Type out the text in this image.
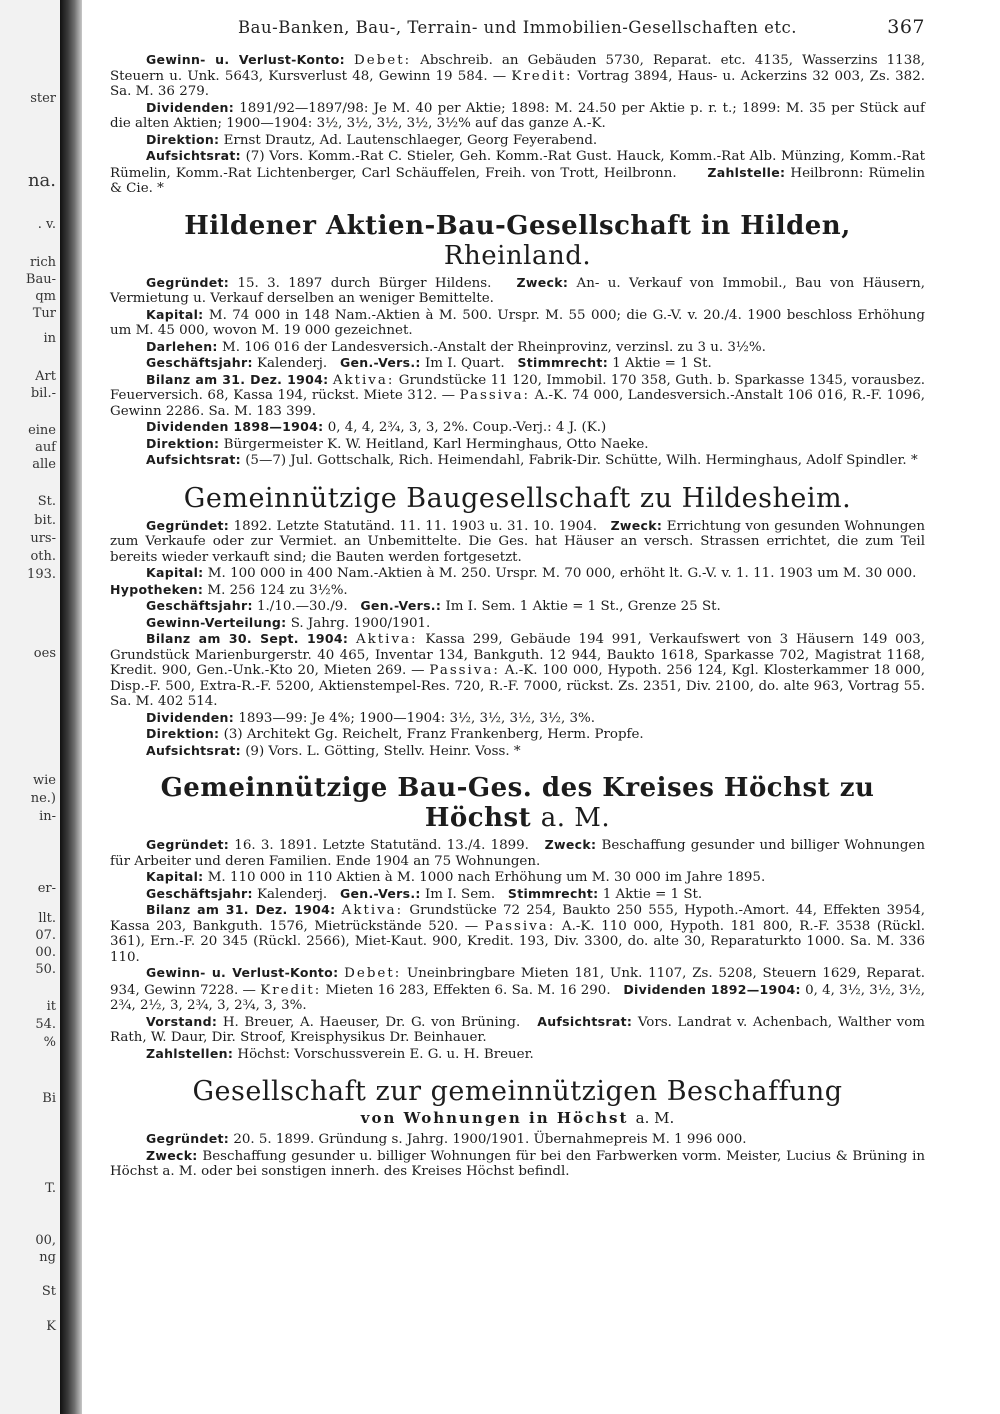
ster
na.
. v.
rich
Bau-
qm
Tur
in
Art
bil.-
eine
auf
alle
St.
bit.
urs-
oth.
193.
oes
wie
ne.)
in-
er-
llt.
07.
00.
50.
it
54.
%
Bi
T.
00,
ng
St
K
Bau-Banken, Bau-, Terrain- und Immobilien-Gesellschaften etc.	367

Gewinn- u. Verlust-Konto: Debet: Abschreib. an Gebäuden 5730, Reparat. etc. 4135, Wasserzins 1138, Steuern u. Unk. 5643, Kursverlust 48, Gewinn 19 584. — Kredit: Vortrag 3894, Haus- u. Ackerzins 32 003, Zs. 382. Sa. M. 36 279.

Dividenden: 1891/92—1897/98: Je M. 40 per Aktie; 1898: M. 24.50 per Aktie p. r. t.; 1899: M. 35 per Stück auf die alten Aktien; 1900—1904: 3½, 3½, 3½, 3½, 3½% auf das ganze A.-K.

Direktion: Ernst Drautz, Ad. Lautenschlaeger, Georg Feyerabend.

Aufsichtsrat: (7) Vors. Komm.-Rat C. Stieler, Geh. Komm.-Rat Gust. Hauck, Komm.-Rat Alb. Münzing, Komm.-Rat Rümelin, Komm.-Rat Lichtenberger, Carl Schäuffelen, Freih. von Trott, Heilbronn. Zahlstelle: Heilbronn: Rümelin & Cie. *

Hildener Aktien-Bau-Gesellschaft in Hilden, Rheinland.

Gegründet: 15. 3. 1897 durch Bürger Hildens. Zweck: An- u. Verkauf von Immobil., Bau von Häusern, Vermietung u. Verkauf derselben an weniger Bemittelte.

Kapital: M. 74 000 in 148 Nam.-Aktien à M. 500. Urspr. M. 55 000; die G.-V. v. 20./4. 1900 beschloss Erhöhung um M. 45 000, wovon M. 19 000 gezeichnet.

Darlehen: M. 106 016 der Landesversich.-Anstalt der Rheinprovinz, verzinsl. zu 3 u. 3½%.

Geschäftsjahr: Kalenderj. Gen.-Vers.: Im I. Quart. Stimmrecht: 1 Aktie = 1 St.

Bilanz am 31. Dez. 1904: Aktiva: Grundstücke 11 120, Immobil. 170 358, Guth. b. Sparkasse 1345, vorausbez. Feuerversich. 68, Kassa 194, rückst. Miete 312. — Passiva: A.-K. 74 000, Landesversich.-Anstalt 106 016, R.-F. 1096, Gewinn 2286. Sa. M. 183 399.

Dividenden 1898—1904: 0, 4, 4, 2¾, 3, 3, 2%. Coup.-Verj.: 4 J. (K.)

Direktion: Bürgermeister K. W. Heitland, Karl Herminghaus, Otto Naeke.

Aufsichtsrat: (5—7) Jul. Gottschalk, Rich. Heimendahl, Fabrik-Dir. Schütte, Wilh. Herminghaus, Adolf Spindler. *

Gemeinnützige Baugesellschaft zu Hildesheim.

Gegründet: 1892. Letzte Statutänd. 11. 11. 1903 u. 31. 10. 1904. Zweck: Errichtung von gesunden Wohnungen zum Verkaufe oder zur Vermiet. an Unbemittelte. Die Ges. hat Häuser an versch. Strassen errichtet, die zum Teil bereits wieder verkauft sind; die Bauten werden fortgesetzt.

Kapital: M. 100 000 in 400 Nam.-Aktien à M. 250. Urspr. M. 70 000, erhöht lt. G.-V. v. 1. 11. 1903 um M. 30 000.   Hypotheken: M. 256 124 zu 3½%.

Geschäftsjahr: 1./10.—30./9. Gen.-Vers.: Im I. Sem. 1 Aktie = 1 St., Grenze 25 St.

Gewinn-Verteilung: S. Jahrg. 1900/1901.

Bilanz am 30. Sept. 1904: Aktiva: Kassa 299, Gebäude 194 991, Verkaufswert von 3 Häusern 149 003, Grundstück Marienburgerstr. 40 465, Inventar 134, Bankguth. 12 944, Baukto 1618, Sparkasse 702, Magistrat 1168, Kredit. 900, Gen.-Unk.-Kto 20, Mieten 269. — Passiva: A.-K. 100 000, Hypoth. 256 124, Kgl. Klosterkammer 18 000, Disp.-F. 500, Extra-R.-F. 5200, Aktienstempel-Res. 720, R.-F. 7000, rückst. Zs. 2351, Div. 2100, do. alte 963, Vortrag 55. Sa. M. 402 514.

Dividenden: 1893—99: Je 4%; 1900—1904: 3½, 3½, 3½, 3½, 3%.

Direktion: (3) Architekt Gg. Reichelt, Franz Frankenberg, Herm. Propfe.

Aufsichtsrat: (9) Vors. L. Götting, Stellv. Heinr. Voss. *

Gemeinnützige Bau-Ges. des Kreises Höchst zu Höchst a. M.

Gegründet: 16. 3. 1891. Letzte Statutänd. 13./4. 1899. Zweck: Beschaffung gesunder und billiger Wohnungen für Arbeiter und deren Familien. Ende 1904 an 75 Wohnungen.

Kapital: M. 110 000 in 110 Aktien à M. 1000 nach Erhöhung um M. 30 000 im Jahre 1895.

Geschäftsjahr: Kalenderj. Gen.-Vers.: Im I. Sem. Stimmrecht: 1 Aktie = 1 St.

Bilanz am 31. Dez. 1904: Aktiva: Grundstücke 72 254, Baukto 250 555, Hypoth.-Amort. 44, Effekten 3954, Kassa 203, Bankguth. 1576, Mietrückstände 520. — Passiva: A.-K. 110 000, Hypoth. 181 800, R.-F. 3538 (Rückl. 361), Ern.-F. 20 345 (Rückl. 2566), Miet-Kaut. 900, Kredit. 193, Div. 3300, do. alte 30, Reparaturkto 1000. Sa. M. 336 110.

Gewinn- u. Verlust-Konto: Debet: Uneinbringbare Mieten 181, Unk. 1107, Zs. 5208, Steuern 1629, Reparat. 934, Gewinn 7228. — Kredit: Mieten 16 283, Effekten 6. Sa. M. 16 290. Dividenden 1892—1904: 0, 4, 3½, 3½, 3½, 2¾, 2½, 3, 2¾, 3, 2¾, 3, 3%.

Vorstand: H. Breuer, A. Haeuser, Dr. G. von Brüning. Aufsichtsrat: Vors. Landrat v. Achenbach, Walther vom Rath, W. Daur, Dir. Stroof, Kreisphysikus Dr. Beinhauer.

Zahlstellen: Höchst: Vorschussverein E. G. u. H. Breuer.

Gesellschaft zur gemeinnützigen Beschaffung
von Wohnungen in Höchst a. M.

Gegründet: 20. 5. 1899. Gründung s. Jahrg. 1900/1901. Übernahmepreis M. 1 996 000.

Zweck: Beschaffung gesunder u. billiger Wohnungen für bei den Farbwerken vorm. Meister, Lucius & Brüning in Höchst a. M. oder bei sonstigen innerh. des Kreises Höchst befindl.
